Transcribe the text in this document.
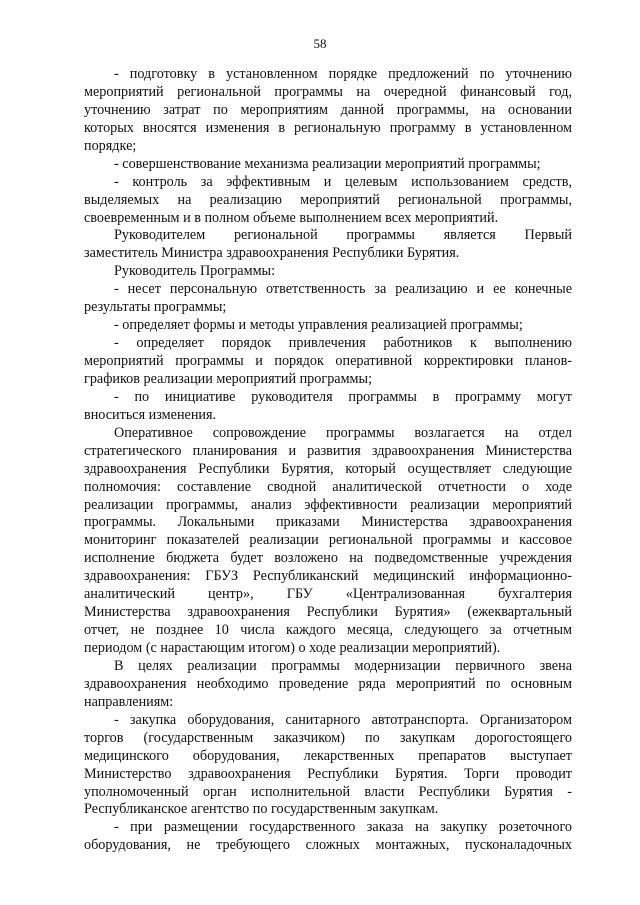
58
- подготовку в установленном порядке предложений по уточнению
мероприятий региональной программы на очередной финансовый год,
уточнению затрат по мероприятиям данной программы, на основании
которых вносятся изменения в региональную программу в установленном
порядке;
- совершенствование механизма реализации мероприятий программы;
- контроль за эффективным и целевым использованием средств,
выделяемых на реализацию мероприятий региональной программы,
своевременным и в полном объеме выполнением всех мероприятий.
Руководителем региональной программы является Первый
заместитель Министра здравоохранения Республики Бурятия.
Руководитель Программы:
- несет персональную ответственность за реализацию и ее конечные
результаты программы;
- определяет формы и методы управления реализацией программы;
- определяет порядок привлечения работников к выполнению
мероприятий программы и порядок оперативной корректировки планов-
графиков реализации мероприятий программы;
- по инициативе руководителя программы в программу могут
вноситься изменения.
Оперативное сопровождение программы возлагается на отдел
стратегического планирования и развития здравоохранения Министерства
здравоохранения Республики Бурятия, который осуществляет следующие
полномочия: составление сводной аналитической отчетности о ходе
реализации программы, анализ эффективности реализации мероприятий
программы. Локальными приказами Министерства здравоохранения
мониторинг показателей реализации региональной программы и кассовое
исполнение бюджета будет возложено на подведомственные учреждения
здравоохранения: ГБУЗ Республиканский медицинский информационно-
аналитический центр», ГБУ «Централизованная бухгалтерия
Министерства здравоохранения Республики Бурятия» (ежеквартальный
отчет, не позднее 10 числа каждого месяца, следующего за отчетным
периодом (с нарастающим итогом) о ходе реализации мероприятий).
В целях реализации программы модернизации первичного звена
здравоохранения необходимо проведение ряда мероприятий по основным
направлениям:
- закупка оборудования, санитарного автотранспорта. Организатором
торгов (государственным заказчиком) по закупкам дорогостоящего
медицинского оборудования, лекарственных препаратов выступает
Министерство здравоохранения Республики Бурятия. Торги проводит
уполномоченный орган исполнительной власти Республики Бурятия -
Республиканское агентство по государственным закупкам.
- при размещении государственного заказа на закупку розеточного
оборудования, не требующего сложных монтажных, пусконаладочных
